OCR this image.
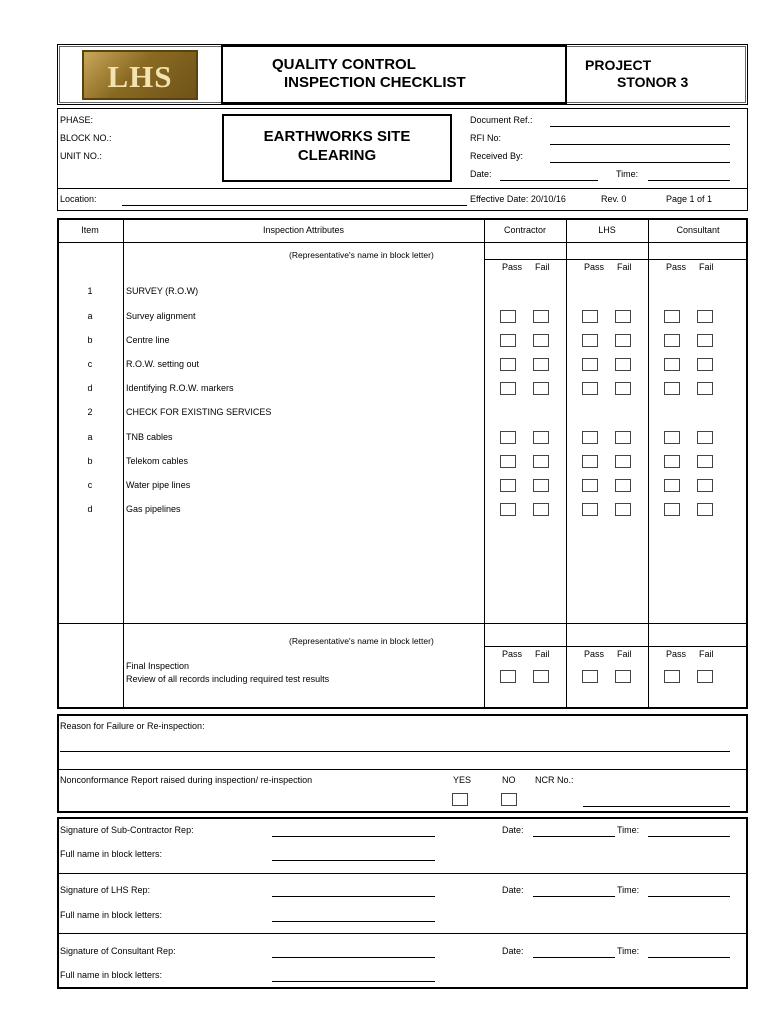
LHS	QUALITY CONTROL
INSPECTION CHECKLIST
PROJECT
STONOR 3
PHASE:
BLOCK NO.:
UNIT NO.:
EARTHWORKS SITE
CLEARING
Document Ref.:
RFI No:
Received By:
Date:	Time:
Location:	Effective Date: 20/10/16	Rev. 0	Page 1 of 1
Item	Inspection Attributes	Contractor	LHS	Consultant
(Representative's name in block letter)
Pass Fail	Pass Fail	Pass Fail
1	SURVEY (R.O.W)
a	Survey alignment
b	Centre line
c	R.O.W. setting out
d	Identifying R.O.W. markers
2	CHECK FOR EXISTING SERVICES
a	TNB cables
b	Telekom cables
c	Water pipe lines
d	Gas pipelines
(Representative's name in block letter)
Pass Fail	Pass Fail	Pass Fail
Final Inspection
Review of all records including required test results
Reason for Failure or Re-inspection:
Nonconformance Report raised during inspection/ re-inspection	YES	NO NCR No.:
Signature of Sub-Contractor Rep:
Full name in block letters:
Date:	Time:
Signature of LHS Rep:
Full name in block letters:
Date:	Time:
Signature of Consultant Rep:
Full name in block letters:
Date:	Time:
